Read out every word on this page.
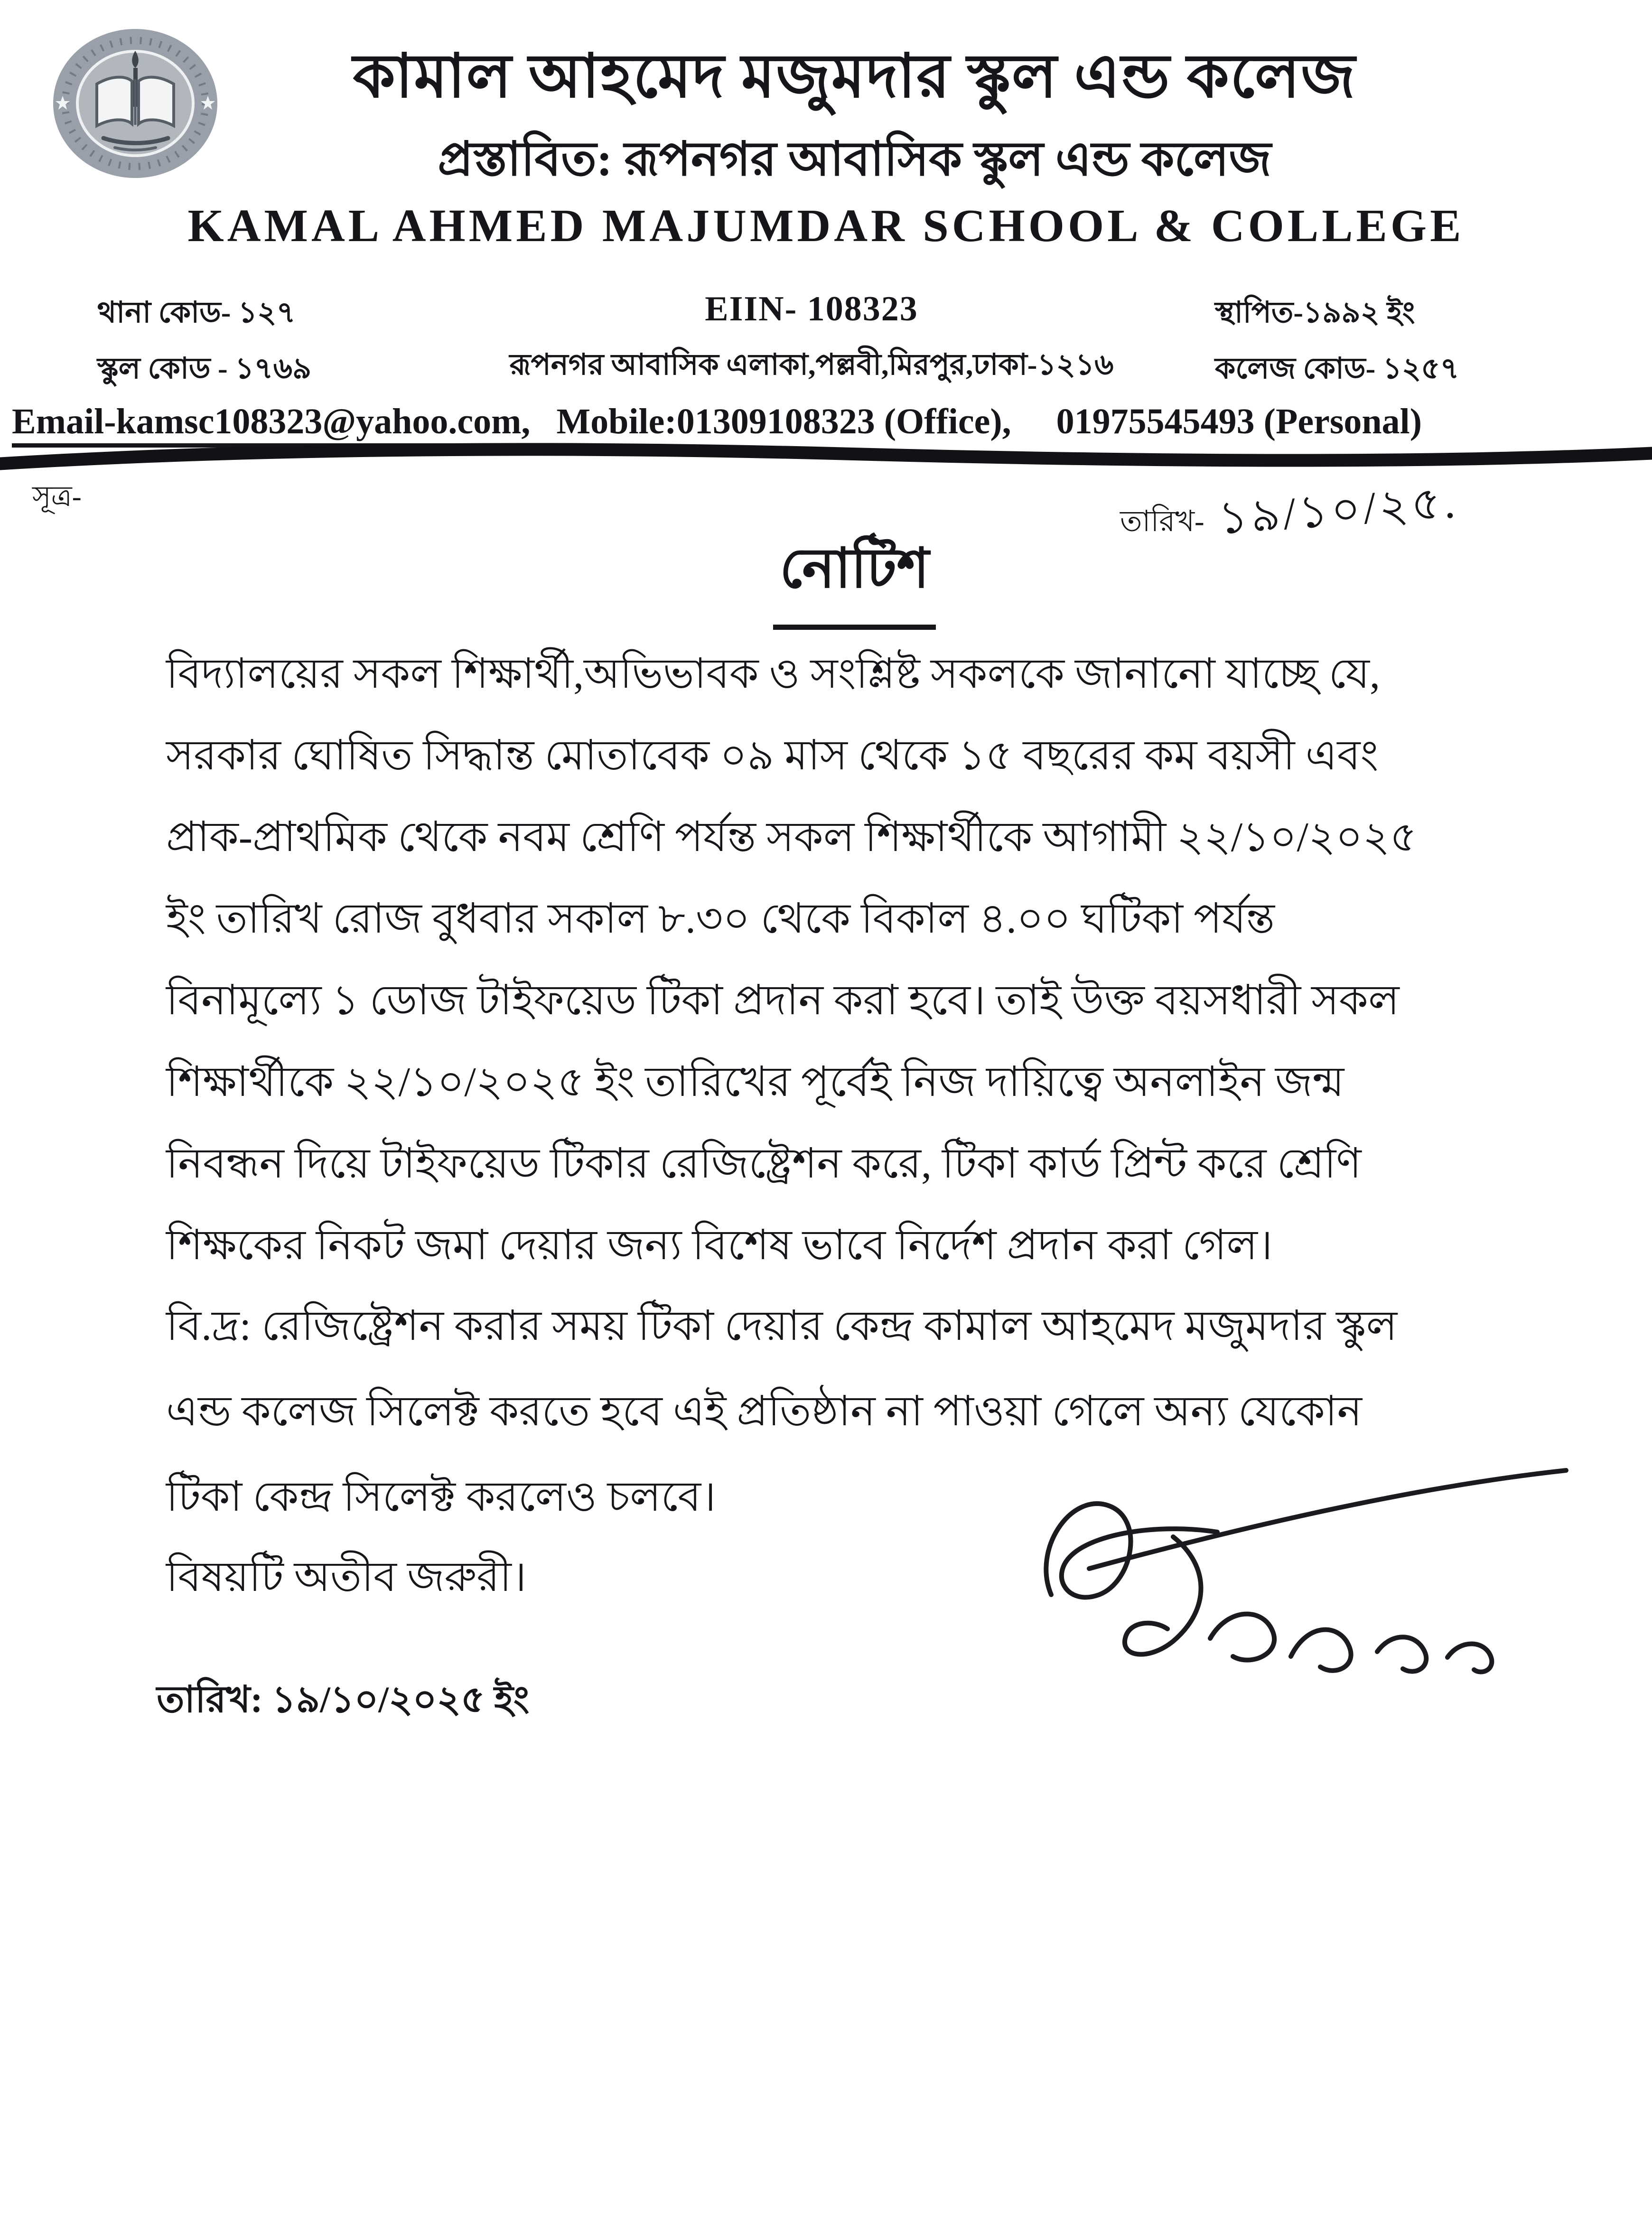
কামাল আহমেদ মজুমদার স্কুল এন্ড কলেজ
প্রস্তাবিত: রূপনগর আবাসিক স্কুল এন্ড কলেজ
KAMAL AHMED MAJUMDAR SCHOOL & COLLEGE
থানা কোড- ১২৭
স্কুল কোড - ১৭৬৯
EIIN- 108323
রূপনগর আবাসিক এলাকা,পল্লবী,মিরপুর,ঢাকা-১২১৬
স্থাপিত-১৯৯২ ইং
কলেজ কোড- ১২৫৭
Email-kamsc108323@yahoo.com, Mobile:01309108323 (Office), 01975545493 (Personal)
সূত্র-
তারিখ- ১৯/১০/২৫.
নোটিশ
বিদ্যালয়ের সকল শিক্ষার্থী,অভিভাবক ও সংশ্লিষ্ট সকলকে জানানো যাচ্ছে যে,
সরকার ঘোষিত সিদ্ধান্ত মোতাবেক ০৯ মাস থেকে ১৫ বছরের কম বয়সী এবং
প্রাক-প্রাথমিক থেকে নবম শ্রেণি পর্যন্ত সকল শিক্ষার্থীকে আগামী ২২/১০/২০২৫
ইং তারিখ রোজ বুধবার সকাল ৮.৩০ থেকে বিকাল ৪.০০ ঘটিকা পর্যন্ত
বিনামূল্যে ১ ডোজ টাইফয়েড টিকা প্রদান করা হবে। তাই উক্ত বয়সধারী সকল
শিক্ষার্থীকে ২২/১০/২০২৫ ইং তারিখের পূর্বেই নিজ দায়িত্বে অনলাইন জন্ম
নিবন্ধন দিয়ে টাইফয়েড টিকার রেজিষ্ট্রেশন করে, টিকা কার্ড প্রিন্ট করে শ্রেণি
শিক্ষকের নিকট জমা দেয়ার জন্য বিশেষ ভাবে নির্দেশ প্রদান করা গেল।
বি.দ্র: রেজিষ্ট্রেশন করার সময় টিকা দেয়ার কেন্দ্র কামাল আহমেদ মজুমদার স্কুল
এন্ড কলেজ সিলেক্ট করতে হবে এই প্রতিষ্ঠান না পাওয়া গেলে অন্য যেকোন
টিকা কেন্দ্র সিলেক্ট করলেও চলবে।
বিষয়টি অতীব জরুরী।
তারিখ: ১৯/১০/২০২৫ ইং
